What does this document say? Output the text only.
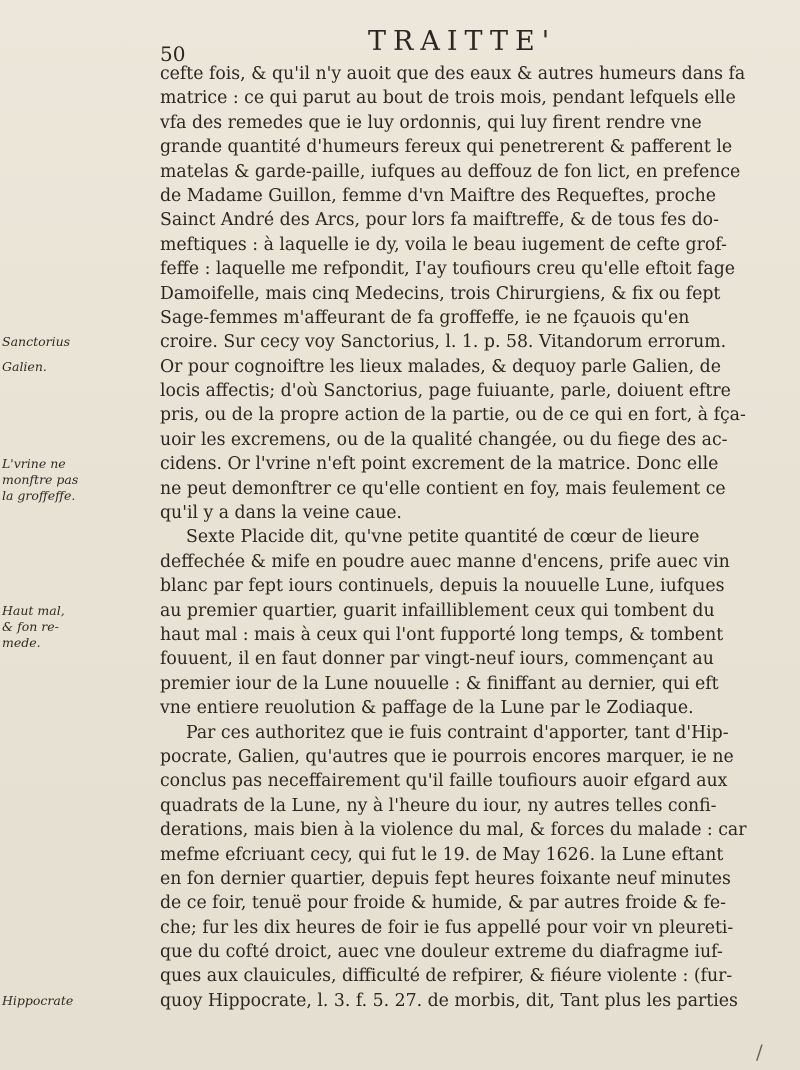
50	TRAITTE'
cefte fois, & qu'il n'y auoit que des eaux & autres humeurs dans fa
matrice : ce qui parut au bout de trois mois, pendant lefquels elle
vfa des remedes que ie luy ordonnis, qui luy firent rendre vne
grande quantité d'humeurs fereux qui penetrerent & pafferent le
matelas & garde-paille, iufques au deffouz de fon lict, en prefence
de Madame Guillon, femme d'vn Maiftre des Requeftes, proche
Sainct André des Arcs, pour lors fa maiftreffe, & de tous fes do-
meftiques : à laquelle ie dy, voila le beau iugement de cefte grof-
feffe : laquelle me refpondit, I'ay toufiours creu qu'elle eftoit fage
Damoifelle, mais cinq Medecins, trois Chirurgiens, & fix ou fept
Sage-femmes m'affeurant de fa groffeffe, ie ne fçauois qu'en
croire. Sur cecy voy Sanctorius, l. 1. p. 58. Vitandorum errorum.
Or pour cognoiftre les lieux malades, & dequoy parle Galien, de
locis affectis; d'où Sanctorius, page fuiuante, parle, doiuent eftre
pris, ou de la propre action de la partie, ou de ce qui en fort, à fça-
uoir les excremens, ou de la qualité changée, ou du fiege des ac-
cidens. Or l'vrine n'eft point excrement de la matrice. Donc elle
ne peut demonftrer ce qu'elle contient en foy, mais feulement ce
qu'il y a dans la veine caue.
Sexte Placide dit, qu'vne petite quantité de cœur de lieure
deffechée & mife en poudre auec manne d'encens, prife auec vin
blanc par fept iours continuels, depuis la nouuelle Lune, iufques
au premier quartier, guarit infailliblement ceux qui tombent du
haut mal : mais à ceux qui l'ont fupporté long temps, & tombent
fouuent, il en faut donner par vingt-neuf iours, commençant au
premier iour de la Lune nouuelle : & finiffant au dernier, qui eft
vne entiere reuolution & paffage de la Lune par le Zodiaque.
Par ces authoritez que ie fuis contraint d'apporter, tant d'Hip-
pocrate, Galien, qu'autres que ie pourrois encores marquer, ie ne
conclus pas neceffairement qu'il faille toufiours auoir efgard aux
quadrats de la Lune, ny à l'heure du iour, ny autres telles confi-
derations, mais bien à la violence du mal, & forces du malade : car
mefme efcriuant cecy, qui fut le 19. de May 1626. la Lune eftant
en fon dernier quartier, depuis fept heures foixante neuf minutes
de ce foir, tenuë pour froide & humide, & par autres froide & fe-
che; fur les dix heures de foir ie fus appellé pour voir vn pleureti-
que du cofté droict, auec vne douleur extreme du diafragme iuf-
ques aux clauicules, difficulté de refpirer, & fiéure violente : (fur-
quoy Hippocrate, l. 3. f. 5. 27. de morbis, dit, Tant plus les parties
Sanctorius
Galien.
L'vrine ne
monftre pas
la groffeffe.
Haut mal,
& fon re-
mede.
Hippocrate
/
